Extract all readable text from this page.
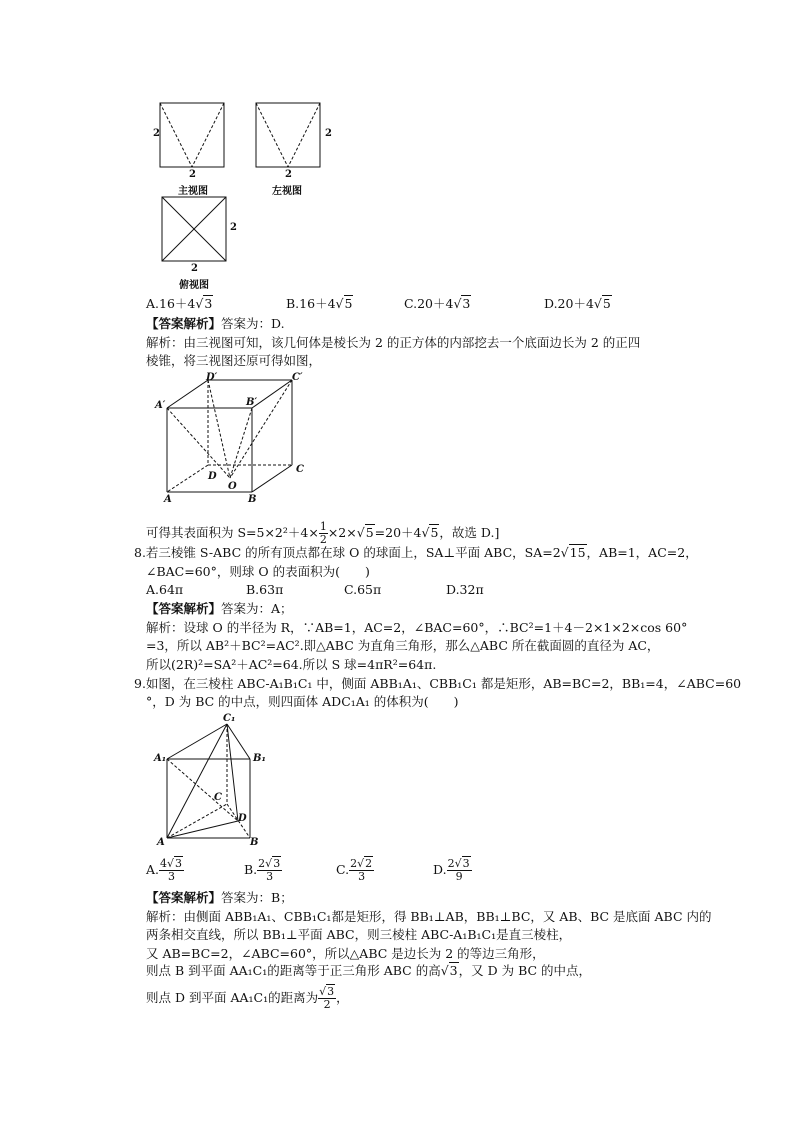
2
2
主视图
2
2
左视图
2
2
俯视图
A.16＋4√3	B.16＋4√5	C.20＋4√3	D.20＋4√5
【答案解析】答案为：D.
解析：由三视图可知，该几何体是棱长为 2 的正方体的内部挖去一个底面边长为 2 的正四
棱锥，将三视图还原可得如图，
D′	C′
A′	B′
D
C
O
A	B
可得其表面积为 $S=5\times 2^2+4\times \frac{1}{2} \times 2\times√5=20+4√5$，故选 D.]
8.若三棱锥 S-ABC 的所有顶点都在球 O 的球面上，SA⊥平面 ABC，SA=2√15，AB=1，AC=2，
∠BAC=60°，则球 O 的表面积为(　　)
A.64π	B.63π	C.65π	D.32π
【答案解析】答案为：A；
解析：设球 O 的半径为 R，∵AB=1，AC=2，∠BAC=60°，∴BC²=1＋4－2×1×2×cos 60°
=3，所以 AB²＋BC²=AC².即△ABC 为直角三角形，那么△ABC 所在截面圆的直径为 AC，
所以(2R)²=SA²＋AC²=64.所以 S 球=4πR²=64π.
9.如图，在三棱柱 ABC-A₁B₁C₁ 中，侧面 ABB₁A₁、CBB₁C₁ 都是矩形，AB=BC=2，BB₁=4，∠ABC=60
°，D 为 BC 的中点，则四面体 ADC₁A₁ 的体积为(　　)
C₁
A₁	B₁
C
D
A	B
A. $\frac{4√3}{3}$	B. $\frac{2√3}{3}$	C. $\frac{2√2}{3}$	D. $\frac{2√3}{9}$
【答案解析】答案为：B；
解析：由侧面 ABB₁A₁、CBB₁C₁都是矩形，得 BB₁⊥AB，BB₁⊥BC，又 AB、BC 是底面 ABC 内的
两条相交直线，所以 BB₁⊥平面 ABC，则三棱柱 ABC-A₁B₁C₁是直三棱柱，
又 AB=BC=2，∠ABC=60°，所以△ABC 是边长为 2 的等边三角形，
则点 B 到平面 AA₁C₁的距离等于正三角形 ABC 的高√3，又 D 为 BC 的中点，
则点 D 到平面 AA₁C₁的距离为 $\frac{√3}{2}$ ，
